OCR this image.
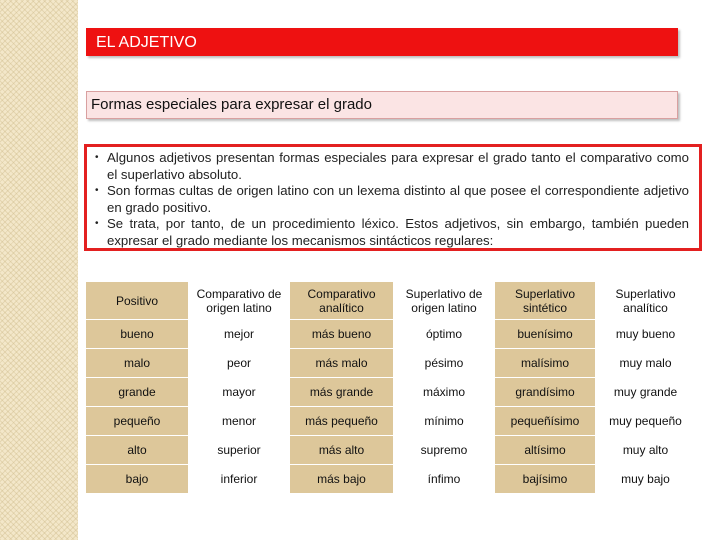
EL ADJETIVO
Formas especiales para expresar el grado
• Algunos adjetivos presentan formas especiales para expresar el grado tanto el comparativo como el superlativo absoluto.
• Son formas cultas de origen latino con un lexema distinto al que posee el correspondiente adjetivo en grado positivo.
• Se trata, por tanto, de un procedimiento léxico. Estos adjetivos, sin embargo, también pueden expresar el grado mediante los mecanismos sintácticos regulares:
Positivo	Comparativo de origen latino	Comparativo analítico	Superlativo de origen latino	Superlativo sintético	Superlativo analítico
bueno	mejor	más bueno	óptimo	buenísimo	muy bueno
malo	peor	más malo	pésimo	malísimo	muy malo
grande	mayor	más grande	máximo	grandísimo	muy grande
pequeño	menor	más pequeño	mínimo	pequeñísimo	muy pequeño
alto	superior	más alto	supremo	altísimo	muy alto
bajo	inferior	más bajo	ínfimo	bajísimo	muy bajo
